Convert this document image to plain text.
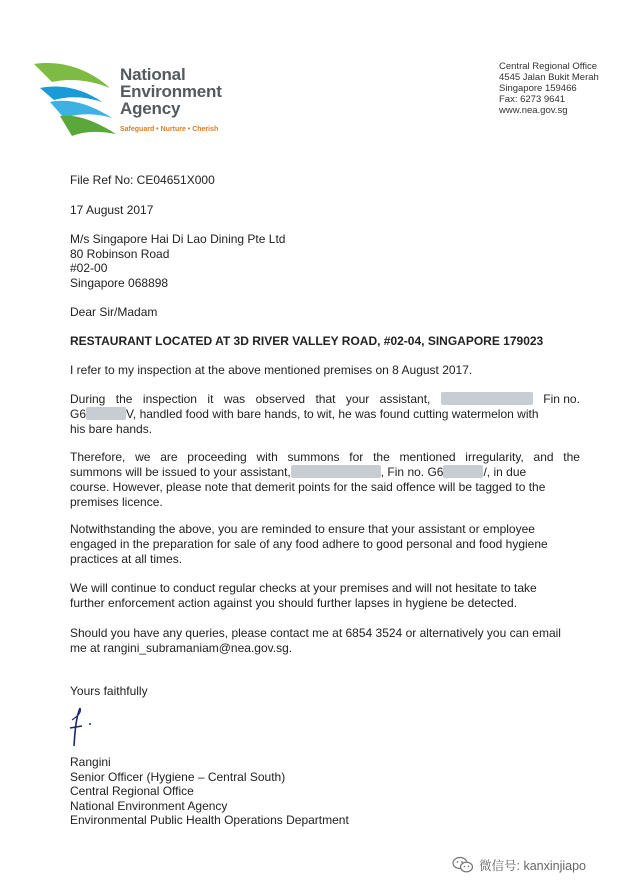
National
Environment
Agency
Safeguard • Nurture • Cherish
Central Regional Office
4545 Jalan Bukit Merah
Singapore 159466
Fax: 6273 9641
www.nea.gov.sg
File Ref No: CE04651X000
17 August 2017
M/s Singapore Hai Di Lao Dining Pte Ltd
80 Robinson Road
#02-00
Singapore 068898
Dear Sir/Madam
RESTAURANT LOCATED AT 3D RIVER VALLEY ROAD, #02-04, SINGAPORE 179023
I refer to my inspection at the above mentioned premises on 8 August 2017.
During the inspection it was observed that your assistant,	Fin no.
G6	V, handled food with bare hands, to wit, he was found cutting watermelon with
his bare hands.
Therefore, we are proceeding with summons for the mentioned irregularity, and the
summons will be issued to your assistant,	, Fin no. G6	/, in due
course. However, please note that demerit points for the said offence will be tagged to the
premises licence.
Notwithstanding the above, you are reminded to ensure that your assistant or employee
engaged in the preparation for sale of any food adhere to good personal and food hygiene
practices at all times.
We will continue to conduct regular checks at your premises and will not hesitate to take
further enforcement action against you should further lapses in hygiene be detected.
Should you have any queries, please contact me at 6854 3524 or alternatively you can email
me at rangini_subramaniam@nea.gov.sg.
Yours faithfully
Rangini
Senior Officer (Hygiene – Central South)
Central Regional Office
National Environment Agency
Environmental Public Health Operations Department
微信号: kanxinjiapo
